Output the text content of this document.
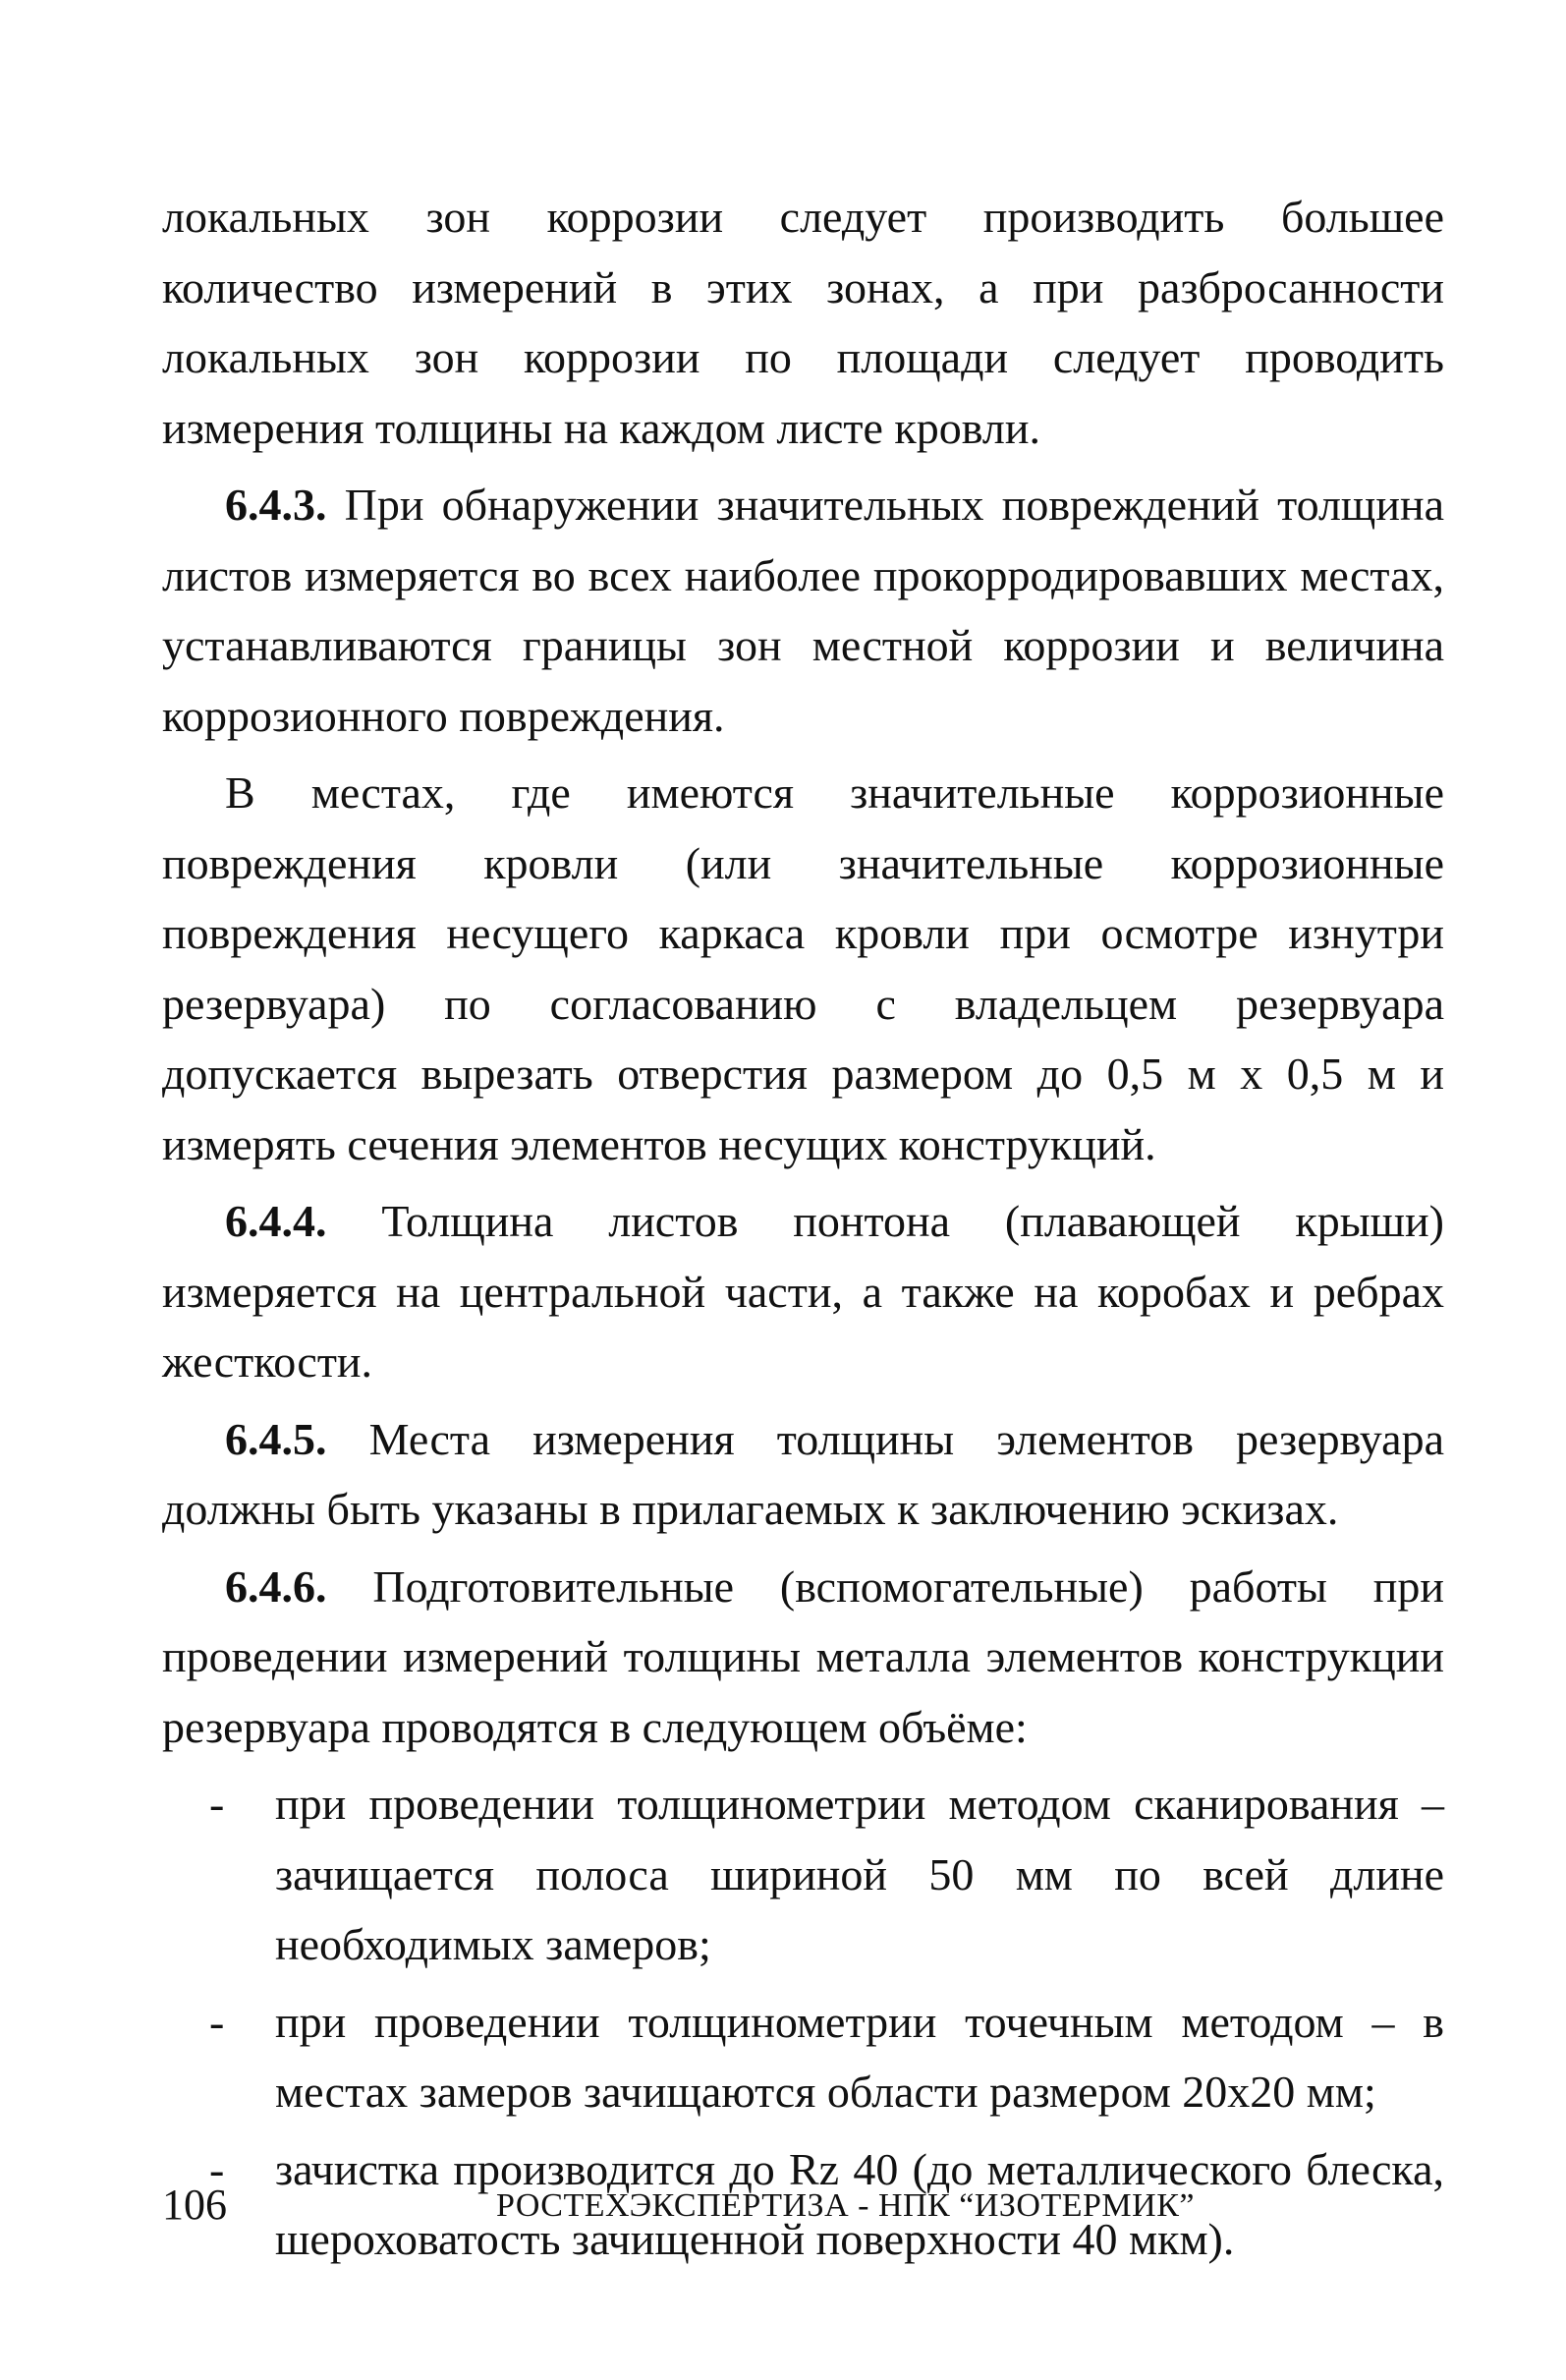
локальных зон коррозии следует производить большее количество измерений в этих зонах, а при разбросанности локальных зон коррозии по площади следует проводить измерения толщины на каждом листе кровли.

6.4.3. При обнаружении значительных повреждений толщина листов измеряется во всех наиболее прокорродировавших местах, устанавливаются границы зон местной коррозии и величина коррозионного повреждения.

В местах, где имеются значительные коррозионные повреждения кровли (или значительные коррозионные повреждения несущего каркаса кровли при осмотре изнутри резервуара) по согласованию с владельцем резервуара допускается вырезать отверстия размером до 0,5 м х 0,5 м и измерять сечения элементов несущих конструкций.

6.4.4. Толщина листов понтона (плавающей крыши) измеряется на центральной части, а также на коробах и ребрах жесткости.

6.4.5. Места измерения толщины элементов резервуара должны быть указаны в прилагаемых к заключению эскизах.

6.4.6. Подготовительные (вспомогательные) работы при проведении измерений толщины металла элементов конструкции резервуара проводятся в следующем объёме:

- при проведении толщинометрии методом сканирования – зачищается полоса шириной 50 мм по всей длине необходимых замеров;
- при проведении толщинометрии точечным методом – в местах замеров зачищаются области размером 20х20 мм;
- зачистка производится до Rz 40 (до металлического блеска, шероховатость зачищенной поверхности 40 мкм).
106	РОСТЕХЭКСПЕРТИЗА - НПК “ИЗОТЕРМИК”
